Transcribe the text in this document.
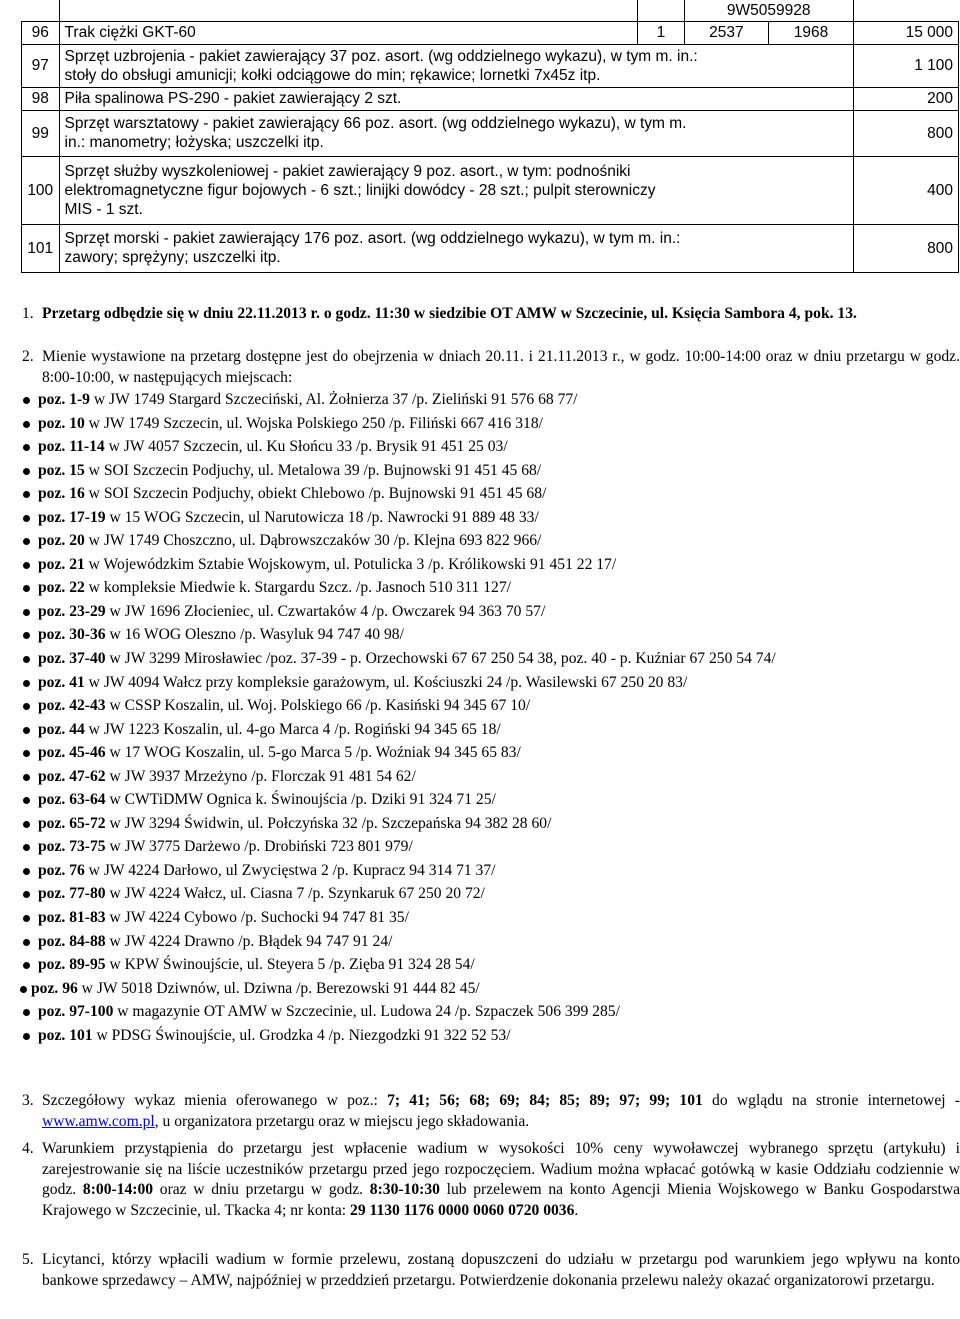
			9W5059928		
96	Trak ciężki GKT-60	1	2537	1968	15 000
97	Sprzęt uzbrojenia - pakiet zawierający 37 poz. asort. (wg oddzielnego wykazu), w tym m. in.:
stoły do obsługi amunicji; kołki odciągowe do min; rękawice; lornetki 7x45z itp.				1 100
98	Piła spalinowa PS-290 - pakiet zawierający 2 szt.				200
99	Sprzęt warsztatowy - pakiet zawierający 66 poz. asort. (wg oddzielnego wykazu), w tym m.
in.: manometry; łożyska; uszczelki itp.				800
100	Sprzęt służby wyszkoleniowej - pakiet zawierający 9 poz. asort., w tym: podnośniki
elektromagnetyczne figur bojowych - 6 szt.; linijki dowódcy - 28 szt.; pulpit sterowniczy
MIS - 1 szt.				400
101	Sprzęt morski - pakiet zawierający 176 poz. asort. (wg oddzielnego wykazu), w tym m. in.:
zawory; sprężyny; uszczelki itp.				800
1. Przetarg odbędzie się w dniu 22.11.2013 r. o godz. 11:30 w siedzibie OT AMW w Szczecinie, ul. Księcia Sambora 4, pok. 13.
2. Mienie wystawione na przetarg dostępne jest do obejrzenia w dniach 20.11. i 21.11.2013 r., w godz. 10:00-14:00 oraz w dniu przetargu w godz. 8:00-10:00, w następujących miejscach:
poz. 1-9 w JW 1749 Stargard Szczeciński, Al. Żołnierza 37 /p. Zieliński 91 576 68 77/
poz. 10 w JW 1749 Szczecin, ul. Wojska Polskiego 250 /p. Filiński 667 416 318/
poz. 11-14 w JW 4057 Szczecin, ul. Ku Słońcu 33 /p. Brysik 91 451 25 03/
poz. 15 w SOI Szczecin Podjuchy, ul. Metalowa 39 /p. Bujnowski 91 451 45 68/
poz. 16 w SOI Szczecin Podjuchy, obiekt Chlebowo /p. Bujnowski 91 451 45 68/
poz. 17-19 w 15 WOG Szczecin, ul Narutowicza 18 /p. Nawrocki 91 889 48 33/
poz. 20 w JW 1749 Choszczno, ul. Dąbrowszczaków 30 /p. Klejna 693 822 966/
poz. 21 w Wojewódzkim Sztabie Wojskowym, ul. Potulicka 3 /p. Królikowski 91 451 22 17/
poz. 22 w kompleksie Miedwie k. Stargardu Szcz. /p. Jasnoch 510 311 127/
poz. 23-29 w JW 1696 Złocieniec, ul. Czwartaków 4 /p. Owczarek 94 363 70 57/
poz. 30-36 w 16 WOG Oleszno /p. Wasyluk 94 747 40 98/
poz. 37-40 w JW 3299 Mirosławiec /poz. 37-39 - p. Orzechowski 67 67 250 54 38, poz. 40 - p. Kuźniar 67 250 54 74/
poz. 41 w JW 4094 Wałcz przy kompleksie garażowym, ul. Kościuszki 24 /p. Wasilewski 67 250 20 83/
poz. 42-43 w CSSP Koszalin, ul. Woj. Polskiego 66 /p. Kasiński 94 345 67 10/
poz. 44 w JW 1223 Koszalin, ul. 4-go Marca 4 /p. Rogiński 94 345 65 18/
poz. 45-46 w 17 WOG Koszalin, ul. 5-go Marca 5 /p. Woźniak 94 345 65 83/
poz. 47-62 w JW 3937 Mrzeżyno /p. Florczak 91 481 54 62/
poz. 63-64 w CWTiDMW Ognica k. Świnoujścia /p. Dziki 91 324 71 25/
poz. 65-72 w JW 3294 Świdwin, ul. Połczyńska 32 /p. Szczepańska 94 382 28 60/
poz. 73-75 w JW 3775 Darżewo /p. Drobiński 723 801 979/
poz. 76 w JW 4224 Darłowo, ul Zwycięstwa 2 /p. Kupracz 94 314 71 37/
poz. 77-80 w JW 4224 Wałcz, ul. Ciasna 7 /p. Szynkaruk 67 250 20 72/
poz. 81-83 w JW 4224 Cybowo /p. Suchocki 94 747 81 35/
poz. 84-88 w JW 4224 Drawno /p. Błądek 94 747 91 24/
poz. 89-95 w KPW Świnoujście, ul. Steyera 5 /p. Zięba 91 324 28 54/
poz. 96 w JW 5018 Dziwnów, ul. Dziwna /p. Berezowski 91 444 82 45/
poz. 97-100 w magazynie OT AMW w Szczecinie, ul. Ludowa 24 /p. Szpaczek 506 399 285/
poz. 101 w PDSG Świnoujście, ul. Grodzka 4 /p. Niezgodzki 91 322 52 53/
3. Szczegółowy wykaz mienia oferowanego w poz.: 7; 41; 56; 68; 69; 84; 85; 89; 97; 99; 101 do wglądu na stronie internetowej - www.amw.com.pl, u organizatora przetargu oraz w miejscu jego składowania.
4. Warunkiem przystąpienia do przetargu jest wpłacenie wadium w wysokości 10% ceny wywoławczej wybranego sprzętu (artykułu) i zarejestrowanie się na liście uczestników przetargu przed jego rozpoczęciem. Wadium można wpłacać gotówką w kasie Oddziału codziennie w godz. 8:00-14:00 oraz w dniu przetargu w godz. 8:30-10:30 lub przelewem na konto Agencji Mienia Wojskowego w Banku Gospodarstwa Krajowego w Szczecinie, ul. Tkacka 4; nr konta: 29 1130 1176 0000 0060 0720 0036.
5. Licytanci, którzy wpłacili wadium w formie przelewu, zostaną dopuszczeni do udziału w przetargu pod warunkiem jego wpływu na konto bankowe sprzedawcy – AMW, najpóźniej w przeddzień przetargu. Potwierdzenie dokonania przelewu należy okazać organizatorowi przetargu.
